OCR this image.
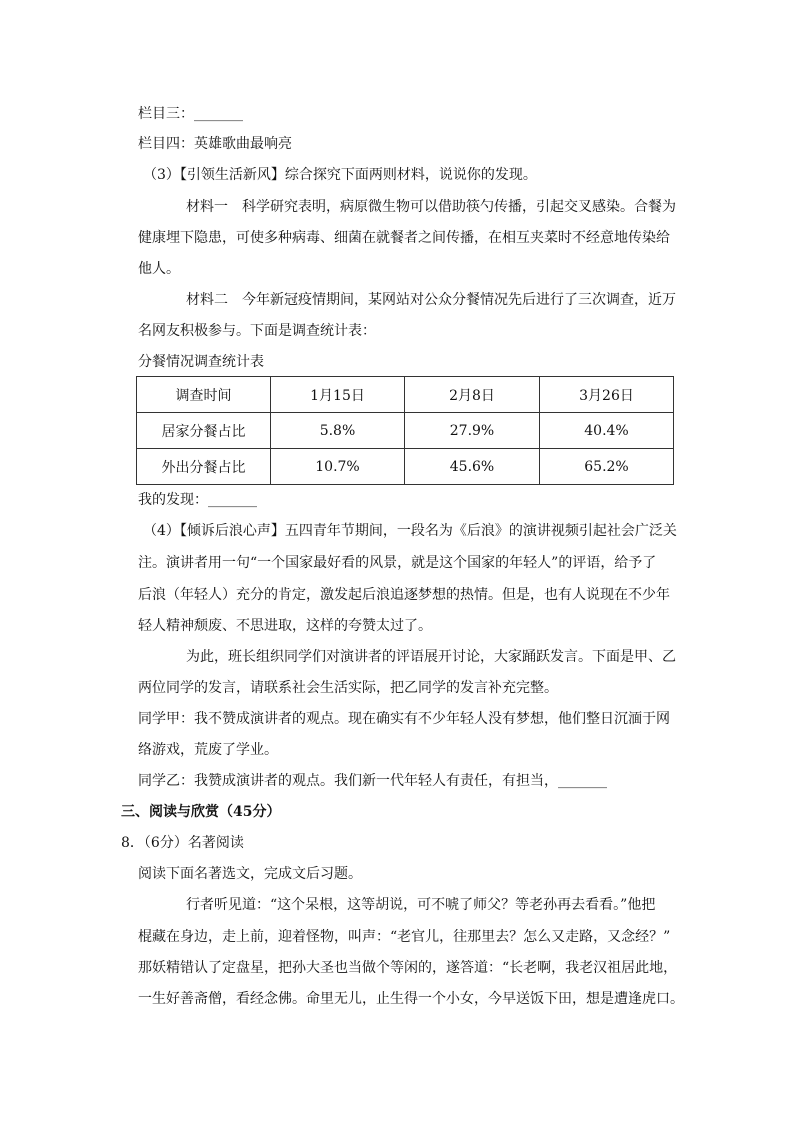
栏目三：_______
栏目四：英雄歌曲最响亮
（3）【引领生活新风】综合探究下面两则材料，说说你的发现。
材料一　科学研究表明，病原微生物可以借助筷勺传播，引起交叉感染。合餐为
健康埋下隐患，可使多种病毒、细菌在就餐者之间传播，在相互夹菜时不经意地传染给
他人。
材料二　今年新冠疫情期间，某网站对公众分餐情况先后进行了三次调查，近万
名网友积极参与。下面是调查统计表：
分餐情况调查统计表
调查时间	1月15日	2月8日	3月26日
居家分餐占比	5.8%	27.9%	40.4%
外出分餐占比	10.7%	45.6%	65.2%
我的发现：_______
（4）【倾诉后浪心声】五四青年节期间，一段名为《后浪》的演讲视频引起社会广泛关
注。演讲者用一句“一个国家最好看的风景，就是这个国家的年轻人”的评语，给予了
后浪（年轻人）充分的肯定，激发起后浪追逐梦想的热情。但是，也有人说现在不少年
轻人精神颓废、不思进取，这样的夸赞太过了。
为此，班长组织同学们对演讲者的评语展开讨论，大家踊跃发言。下面是甲、乙
两位同学的发言，请联系社会生活实际，把乙同学的发言补充完整。
同学甲：我不赞成演讲者的观点。现在确实有不少年轻人没有梦想，他们整日沉湎于网
络游戏，荒废了学业。
同学乙：我赞成演讲者的观点。我们新一代年轻人有责任，有担当，_______
三、阅读与欣赏（45分）
8．（6分）名著阅读
阅读下面名著选文，完成文后习题。
行者听见道：“这个呆根，这等胡说，可不唬了师父？等老孙再去看看。”他把
棍藏在身边，走上前，迎着怪物，叫声：“老官儿，往那里去？怎么又走路，又念经？”
那妖精错认了定盘星，把孙大圣也当做个等闲的，遂答道：“长老啊，我老汉祖居此地，
一生好善斋僧，看经念佛。命里无儿，止生得一个小女，今早送饭下田，想是遭逢虎口。
